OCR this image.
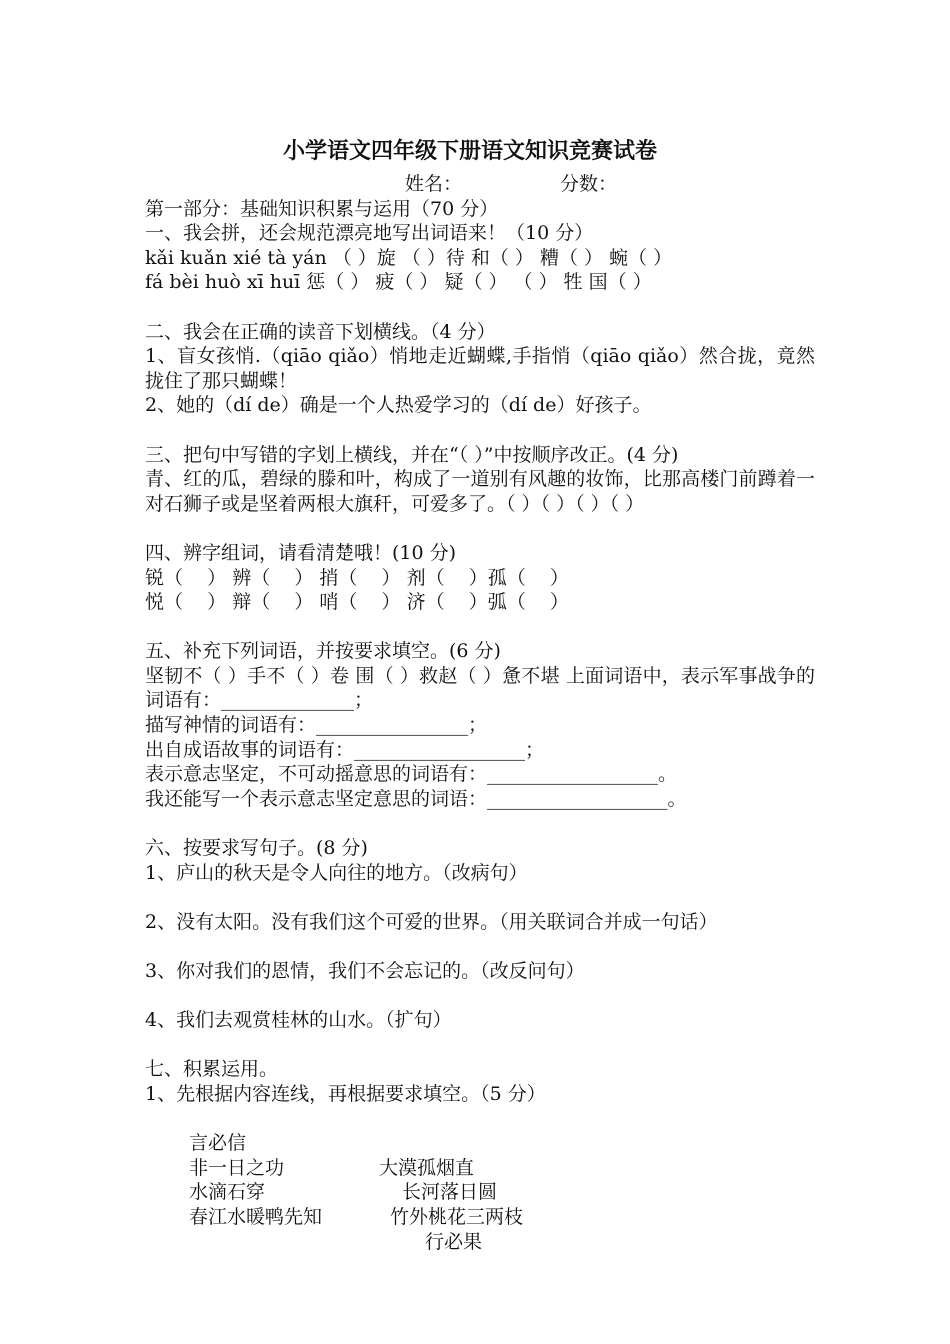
小学语文四年级下册语文知识竞赛试卷
姓名：	分数：
第一部分：基础知识积累与运用（70 分）
一、我会拼，还会规范漂亮地写出词语来！（10 分）
kǎi kuǎn xié tà yán （ ）旋 （ ）待 和（ ） 糟（ ） 蜿（ ）
fá bèi huò xī huī 惩（ ） 疲（ ） 疑（ ） （ ） 牲 国（ ）
二、我会在正确的读音下划横线。（4 分）
1、盲女孩悄.（qiāo qiǎo）悄地走近蝴蝶,手指悄（qiāo qiǎo）然合拢，竟然拢住了那只蝴蝶！
2、她的（dí de）确是一个人热爱学习的（dí de）好孩子。
三、把句中写错的字划上横线，并在“（ ）”中按顺序改正。(4 分)
青、红的瓜，碧绿的滕和叶，构成了一道别有风趣的妆饰，比那高楼门前蹲着一对石狮子或是坚着两根大旗秆，可爱多了。（ ）（ ）（ ）（ ）
四、辨字组词，请看清楚哦！(10 分)
锐（    ） 辨（    ） 捎（    ） 剂（    ）孤（    ）
悦（    ） 辩（    ） 哨（    ） 济（    ）弧（    ）
五、补充下列词语，并按要求填空。(6 分)
坚韧不（ ）手不（ ）卷 围（ ）救赵（ ）惫不堪 上面词语中，表示军事战争的词语有：______________；
描写神情的词语有：________________；
出自成语故事的词语有：__________________；
表示意志坚定，不可动摇意思的词语有：__________________。
我还能写一个表示意志坚定意思的词语：___________________。
六、按要求写句子。(8 分)
1、庐山的秋天是令人向往的地方。（改病句）
2、没有太阳。没有我们这个可爱的世界。（用关联词合并成一句话）
3、你对我们的恩情，我们不会忘记的。（改反问句）
4、我们去观赏桂林的山水。（扩句）
七、积累运用。
1、先根据内容连线，再根据要求填空。（5 分）

言必信

大漠孤烟直

非一日之功

长河落日圆

水滴石穿

竹外桃花三两枝

春江水暖鸭先知

行必果
